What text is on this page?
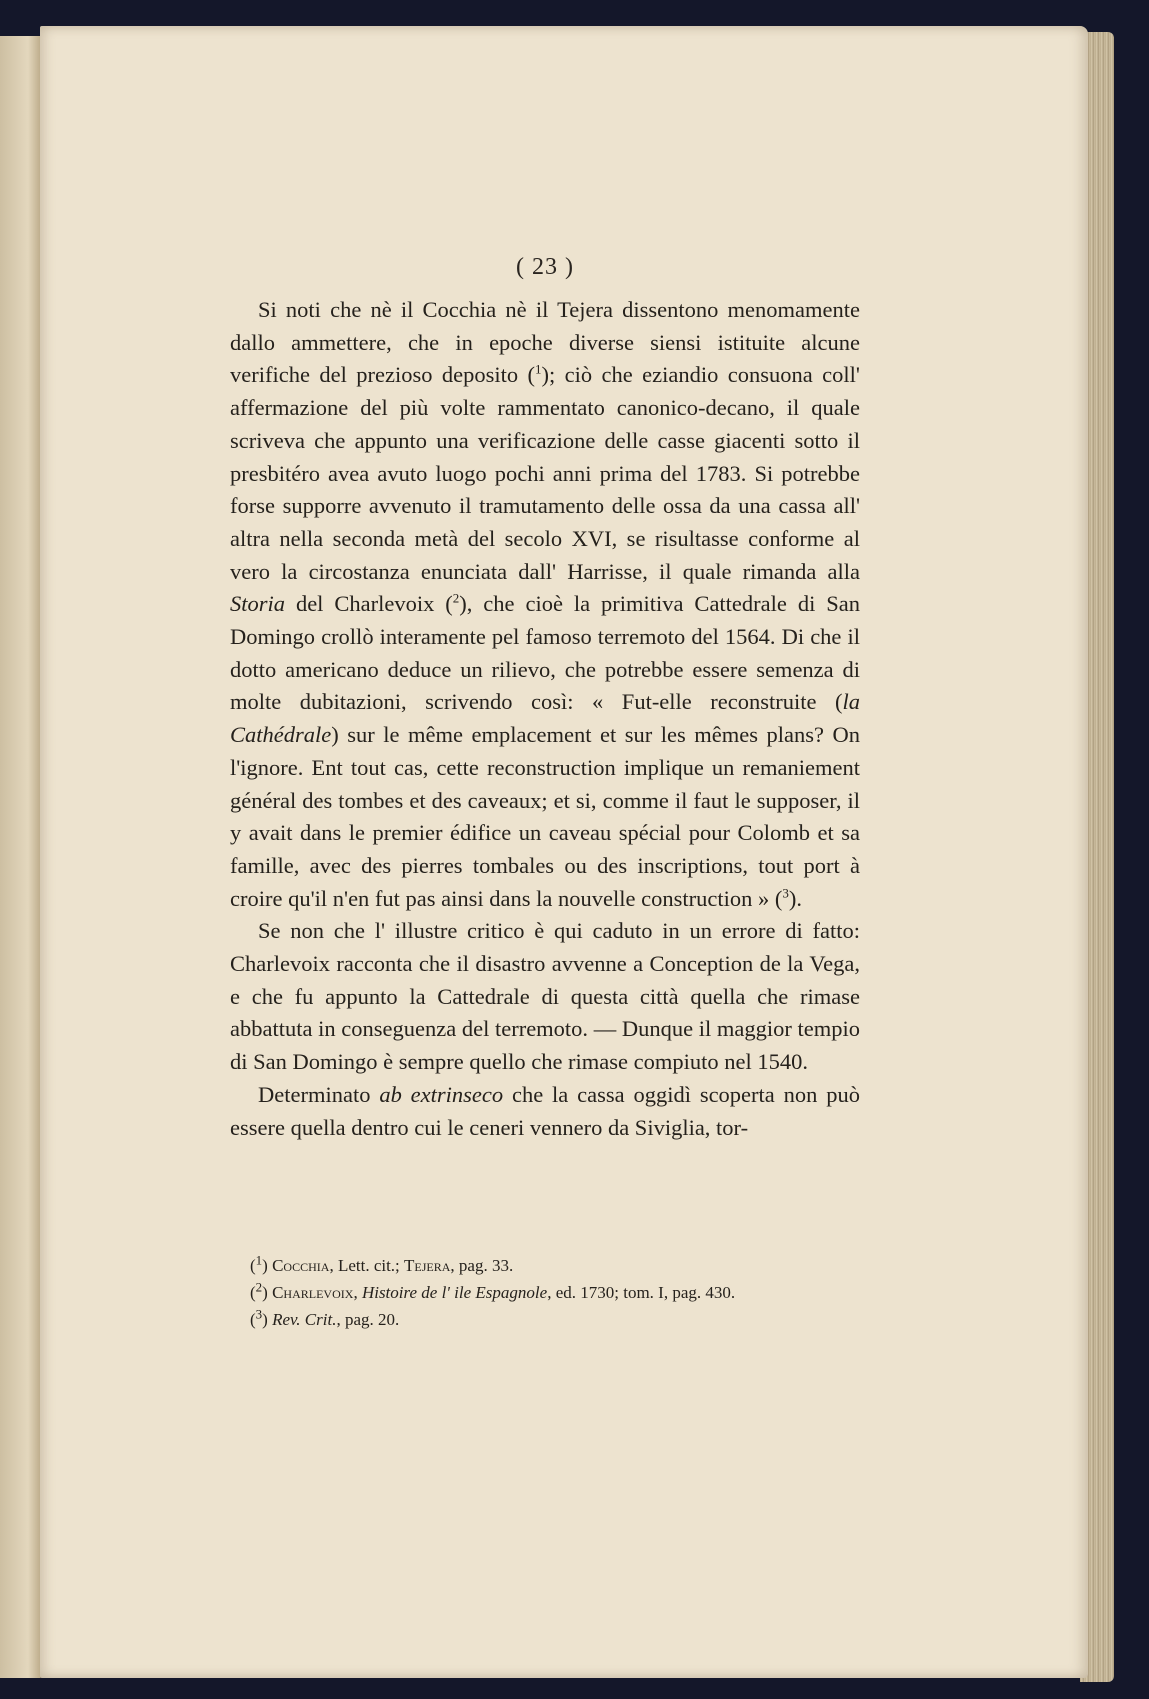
( 23 )

Si noti che nè il Cocchia nè il Tejera dissentono menomamente dallo ammettere, che in epoche diverse siensi istituite alcune verifiche del prezioso deposito ($^1$); ciò che eziandio consuona coll' affermazione del più volte rammentato canonico-decano, il quale scriveva che appunto una verificazione delle casse giacenti sotto il presbitéro avea avuto luogo pochi anni prima del 1783. Si potrebbe forse supporre avvenuto il tramutamento delle ossa da una cassa all' altra nella seconda metà del secolo XVI, se risultasse conforme al vero la circostanza enunciata dall' Harrisse, il quale rimanda alla Storia del Charlevoix ($^2$), che cioè la primitiva Cattedrale di San Domingo crollò interamente pel famoso terremoto del 1564. Di che il dotto americano deduce un rilievo, che potrebbe essere semenza di molte dubitazioni, scrivendo così: « Fut-elle reconstruite (la Cathédrale) sur le même emplacement et sur les mêmes plans? On l'ignore. Ent tout cas, cette reconstruction implique un remaniement général des tombes et des caveaux; et si, comme il faut le supposer, il y avait dans le premier édifice un caveau spécial pour Colomb et sa famille, avec des pierres tombales ou des inscriptions, tout port à croire qu'il n'en fut pas ainsi dans la nouvelle construction » ($^3$).

Se non che l' illustre critico è qui caduto in un errore di fatto: Charlevoix racconta che il disastro avvenne a Conception de la Vega, e che fu appunto la Cattedrale di questa città quella che rimase abbattuta in conseguenza del terremoto. — Dunque il maggior tempio di San Domingo è sempre quello che rimase compiuto nel 1540.

Determinato ab extrinseco che la cassa oggidì scoperta non può essere quella dentro cui le ceneri vennero da Siviglia, tor-

($^1$) Cocchia, Lett. cit.; Tejera, pag. 33.
($^2$) Charlevoix, Histoire de l' ile Espagnole, ed. 1730; tom. I, pag. 430.
($^3$) Rev. Crit., pag. 20.
